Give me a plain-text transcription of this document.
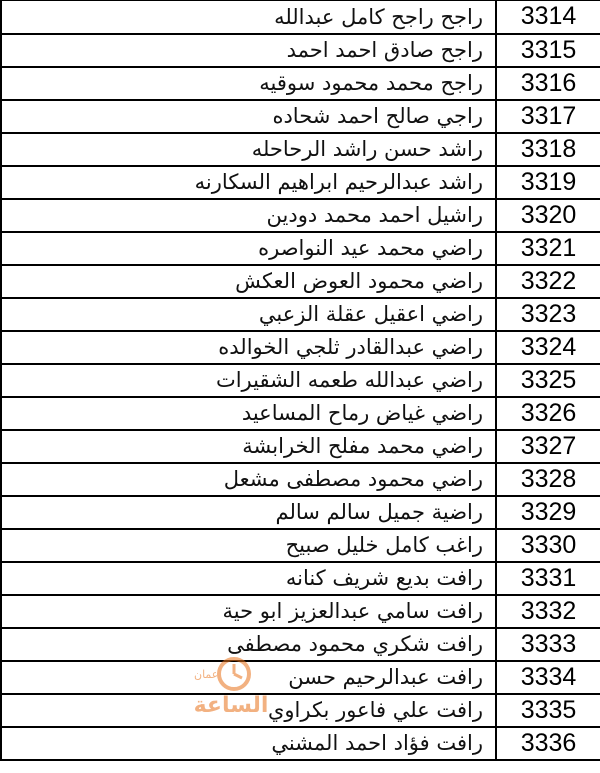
راجح راجح كامل عبدالله	3314
راجح صادق احمد احمد	3315
راجح محمد محمود سوقيه	3316
راجي صالح احمد شحاده	3317
راشد حسن راشد الرحاحله	3318
راشد عبدالرحيم ابراهيم السكارنه	3319
راشيل احمد محمد دودين	3320
راضي محمد عيد النواصره	3321
راضي محمود العوض العكش	3322
راضي اعقيل عقلة الزعبي	3323
راضي عبدالقادر ثلجي الخوالده	3324
راضي عبدالله طعمه الشقيرات	3325
راضي غياض رماح المساعيد	3326
راضي محمد مفلح الخرابشة	3327
راضي محمود مصطفى مشعل	3328
راضية جميل سالم سالم	3329
راغب كامل خليل صبيح	3330
رافت بديع شريف كنانه	3331
رافت سامي عبدالعزيز ابو حية	3332
رافت شكري محمود مصطفى	3333
رافت عبدالرحيم حسن	3334
رافت علي فاعور بكراوي	3335
رافت فؤاد احمد المشني	3336
عمان
الساعة
